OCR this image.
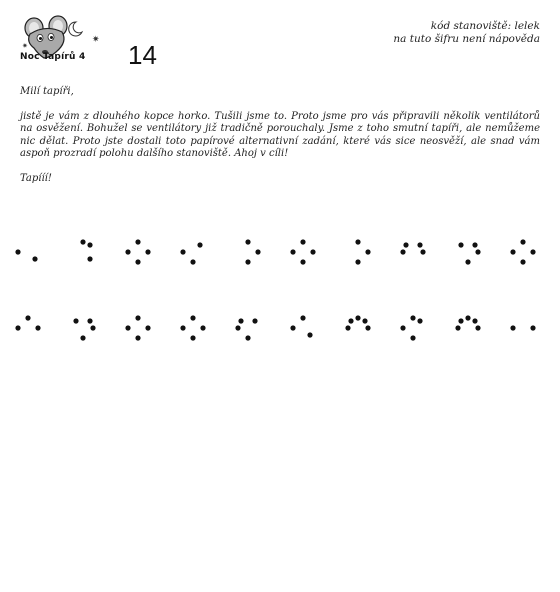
✷
✷
Noc Tapírů 4 14
kód stanoviště: lelek
na tuto šifru není nápověda

Milí tapíři,

jistě je vám z dlouhého kopce horko. Tušili jsme to. Proto jsme pro vás připravili několik ventilátorů na osvěžení. Bohužel se ventilátory již tradičně porouchaly. Jsme z toho smutní tapíři, ale nemůžeme nic dělat. Proto jste dostali toto papírové alternativní zadání, které vás sice neosvěží, ale snad vám aspoň prozradí polohu dalšího stanoviště. Ahoj v cíli!

Tapííí!
